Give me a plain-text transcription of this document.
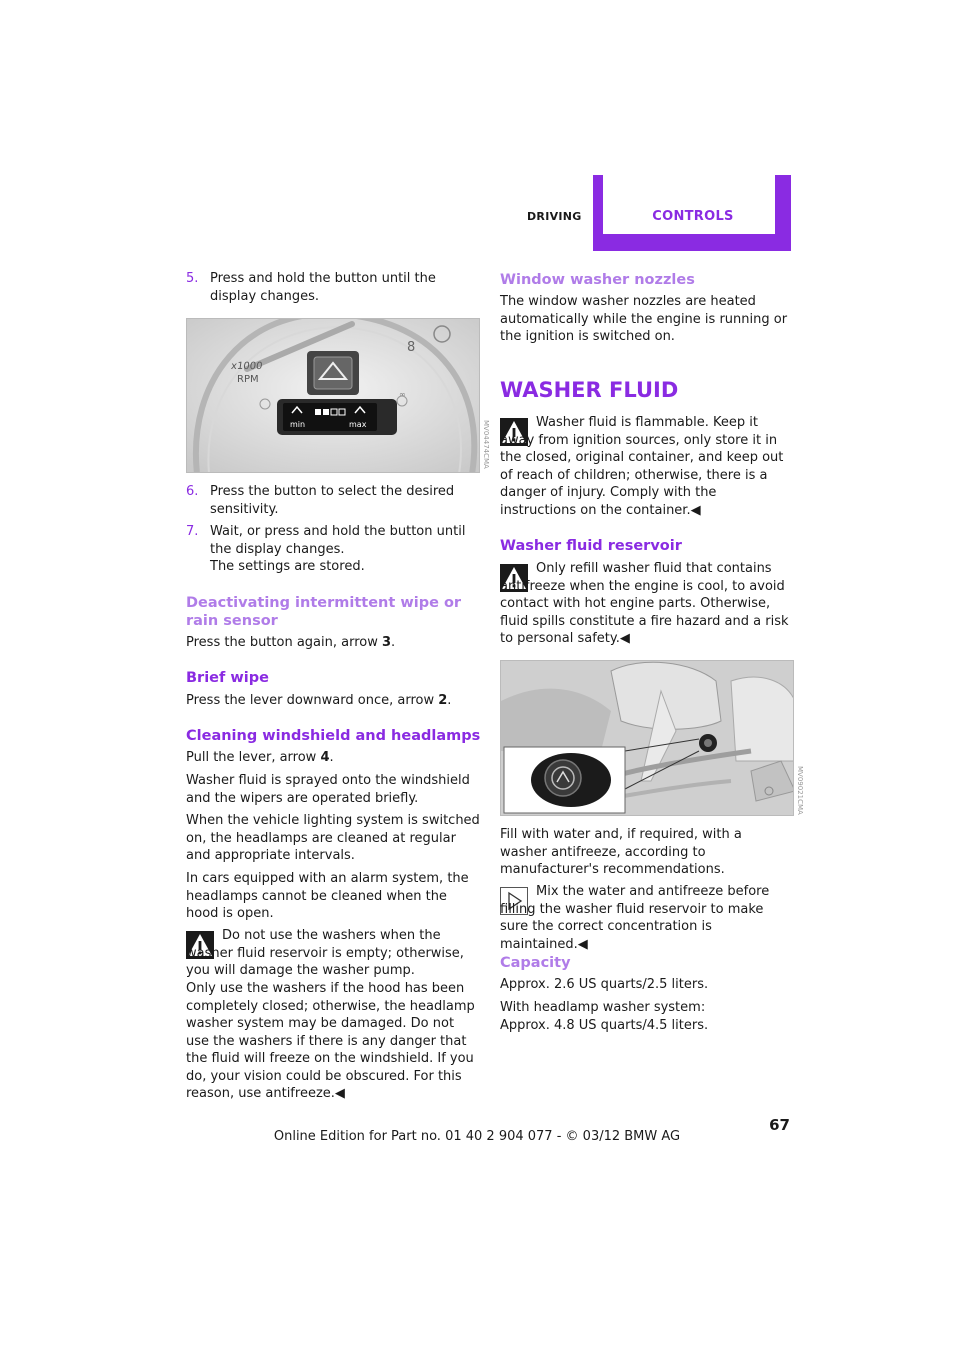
DRIVING	CONTROLS
5. Press and hold the button until the display changes.
8
∞
x1000
RPM
min	max	MV04474CMA
6. Press the button to select the desired sensitivity.
7. Wait, or press and hold the button until the display changes.
The settings are stored.
Deactivating intermittent wipe or rain sensor

Press the button again, arrow 3.

Brief wipe

Press the lever downward once, arrow 2.

Cleaning windshield and headlamps

Pull the lever, arrow 4.

Washer fluid is sprayed onto the windshield and the wipers are operated briefly.

When the vehicle lighting system is switched on, the headlamps are cleaned at regular and appropriate intervals.

In cars equipped with an alarm system, the headlamps cannot be cleaned when the hood is open.

Do not use the washers when the washer fluid reservoir is empty; otherwise, you will damage the washer pump.

Only use the washers if the hood has been completely closed; otherwise, the headlamp washer system may be damaged. Do not use the washers if there is any danger that the fluid will freeze on the windshield. If you do, your vision could be obscured. For this reason, use antifreeze.◀

Window washer nozzles

The window washer nozzles are heated automatically while the engine is running or the ignition is switched on.

WASHER FLUID

Washer fluid is flammable. Keep it away from ignition sources, only store it in the closed, original container, and keep out of reach of children; otherwise, there is a danger of injury. Comply with the instructions on the container.◀

Washer fluid reservoir

Only refill washer fluid that contains antifreeze when the engine is cool, to avoid contact with hot engine parts. Otherwise, fluid spills constitute a fire hazard and a risk to personal safety.◀

MV09021CMA

Fill with water and, if required, with a washer antifreeze, according to manufacturer's recommendations.

Mix the water and antifreeze before filling the washer fluid reservoir to make sure the correct concentration is maintained.◀

Capacity

Approx. 2.6 US quarts/2.5 liters.

With headlamp washer system:
Approx. 4.8 US quarts/4.5 liters.

67
Online Edition for Part no. 01 40 2 904 077 - © 03/12 BMW AG
